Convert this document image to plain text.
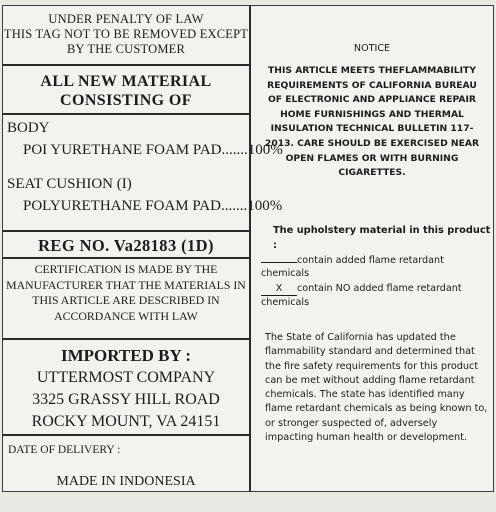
UNDER PENALTY OF LAW
THIS TAG NOT TO BE REMOVED EXCEPT
BY THE CUSTOMER
ALL NEW MATERIAL
CONSISTING OF
BODY
POI YURETHANE FOAM PAD.......100%
SEAT CUSHION (I)
POLYURETHANE FOAM PAD.......100%
REG NO. Va28183 (1D)
CERTIFICATION IS MADE BY THE
MANUFACTURER THAT THE MATERIALS IN
THIS ARTICLE ARE DESCRIBED IN
ACCORDANCE WITH LAW
IMPORTED BY :
UTTERMOST COMPANY
3325 GRASSY HILL ROAD
ROCKY MOUNT, VA 24151
DATE OF DELIVERY :
MADE IN INDONESIA
NOTICE
THIS ARTICLE MEETS THEFLAMMABILITY
REQUIREMENTS OF CALIFORNIA BUREAU
OF ELECTRONIC AND APPLIANCE REPAIR
HOME FURNISHINGS AND THERMAL
INSULATION TECHNICAL BULLETIN 117-
2013. CARE SHOULD BE EXERCISED NEAR
OPEN FLAMES OR WITH BURNING
CIGARETTES.
The upholstery material in this product :
contain added flame retardant
chemicals
X contain NO added flame retardant
chemicals
The State of California has updated the
flammability standard and determined that
the fire safety requirements for this product
can be met without adding flame retardant
chemicals. The state has identified many
flame retardant chemicals as being known to,
or stronger suspected of, adversely
impacting human health or development.
